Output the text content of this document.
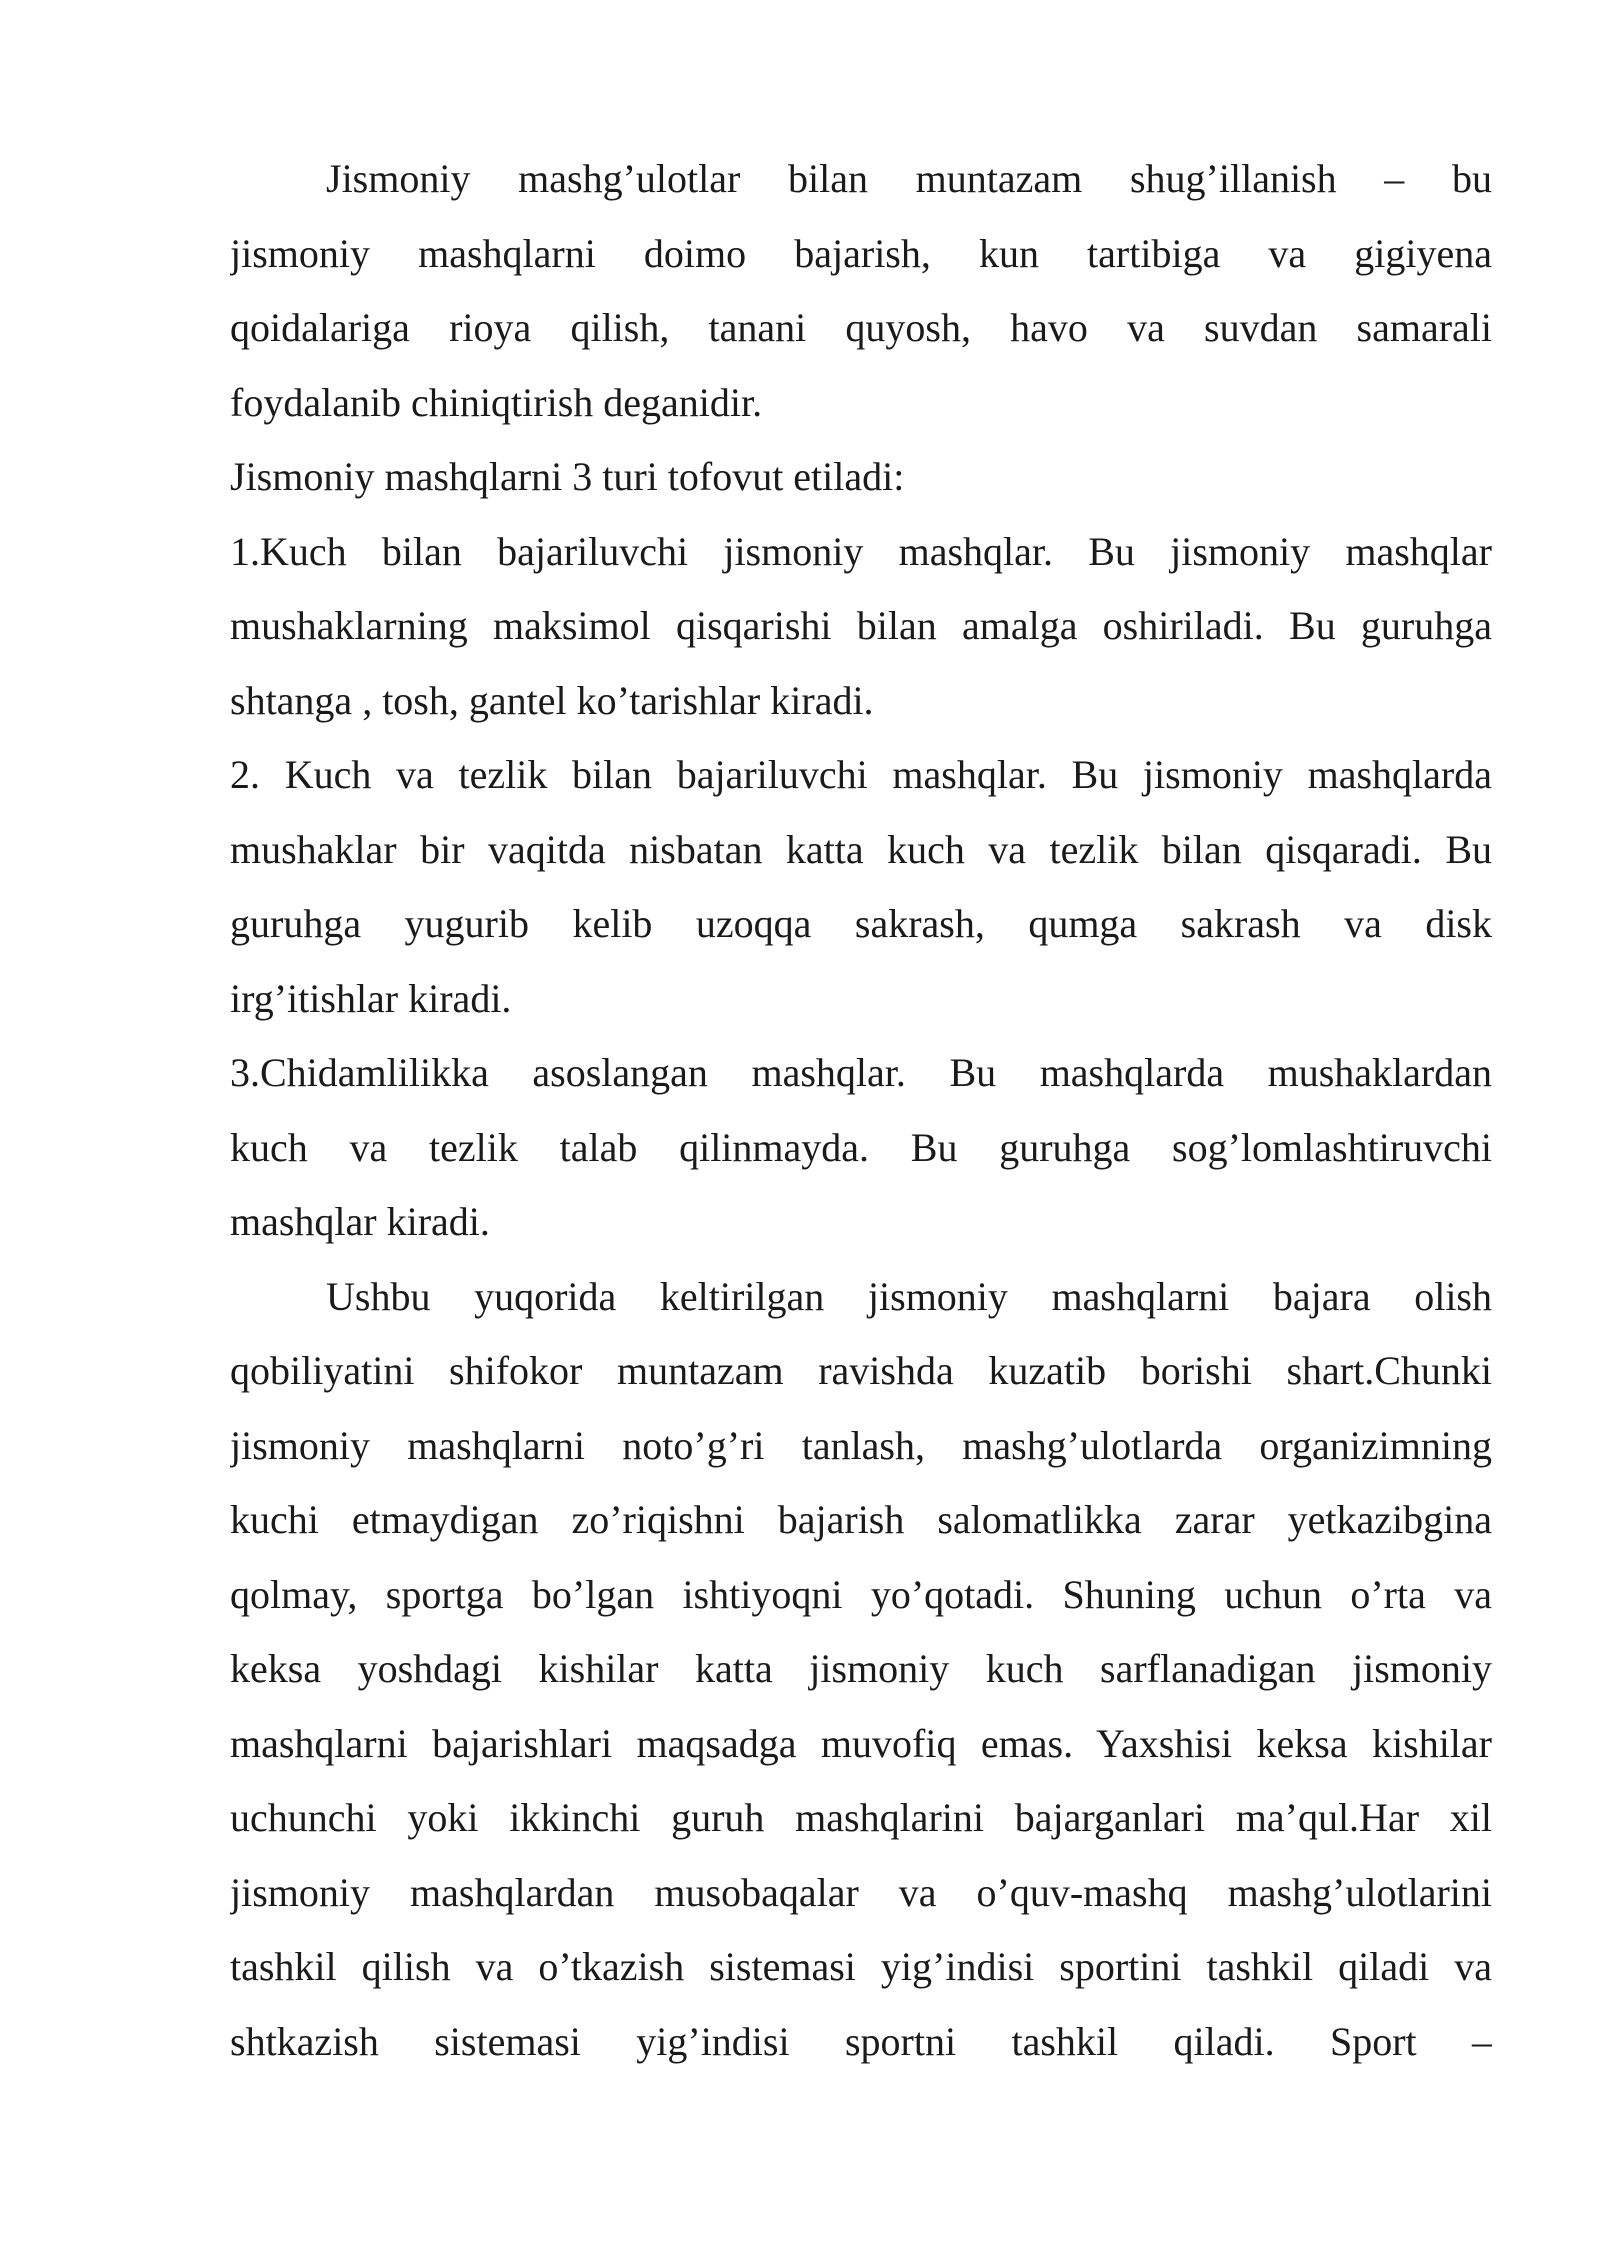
Jismoniy mashg’ulotlar bilan muntazam shug’illanish – bu
jismoniy mashqlarni doimo bajarish, kun tartibiga va gigiyena
qoidalariga rioya qilish, tanani quyosh, havo va suvdan samarali
foydalanib chiniqtirish deganidir.
Jismoniy mashqlarni 3 turi tofovut etiladi:
1.Kuch bilan bajariluvchi jismoniy mashqlar. Bu jismoniy mashqlar
mushaklarning maksimol qisqarishi bilan amalga oshiriladi. Bu guruhga
shtanga , tosh, gantel ko’tarishlar kiradi.
2. Kuch va tezlik bilan bajariluvchi mashqlar. Bu jismoniy mashqlarda
mushaklar bir vaqitda nisbatan katta kuch va tezlik bilan qisqaradi. Bu
guruhga yugurib kelib uzoqqa sakrash, qumga sakrash va disk
irg’itishlar kiradi.
3.Chidamlilikka asoslangan mashqlar. Bu mashqlarda mushaklardan
kuch va tezlik talab qilinmayda. Bu guruhga sog’lomlashtiruvchi
mashqlar kiradi.
Ushbu yuqorida keltirilgan jismoniy mashqlarni bajara olish
qobiliyatini shifokor muntazam ravishda kuzatib borishi shart.Chunki
jismoniy mashqlarni noto’g’ri tanlash, mashg’ulotlarda organizimning
kuchi etmaydigan zo’riqishni bajarish salomatlikka zarar yetkazibgina
qolmay, sportga bo’lgan ishtiyoqni yo’qotadi. Shuning uchun o’rta va
keksa yoshdagi kishilar katta jismoniy kuch sarflanadigan jismoniy
mashqlarni bajarishlari maqsadga muvofiq emas. Yaxshisi keksa kishilar
uchunchi yoki ikkinchi guruh mashqlarini bajarganlari ma’qul.Har xil
jismoniy mashqlardan musobaqalar va o’quv-mashq mashg’ulotlarini
tashkil qilish va o’tkazish sistemasi yig’indisi sportini tashkil qiladi va
shtkazish sistemasi yig’indisi sportni tashkil qiladi. Sport –
